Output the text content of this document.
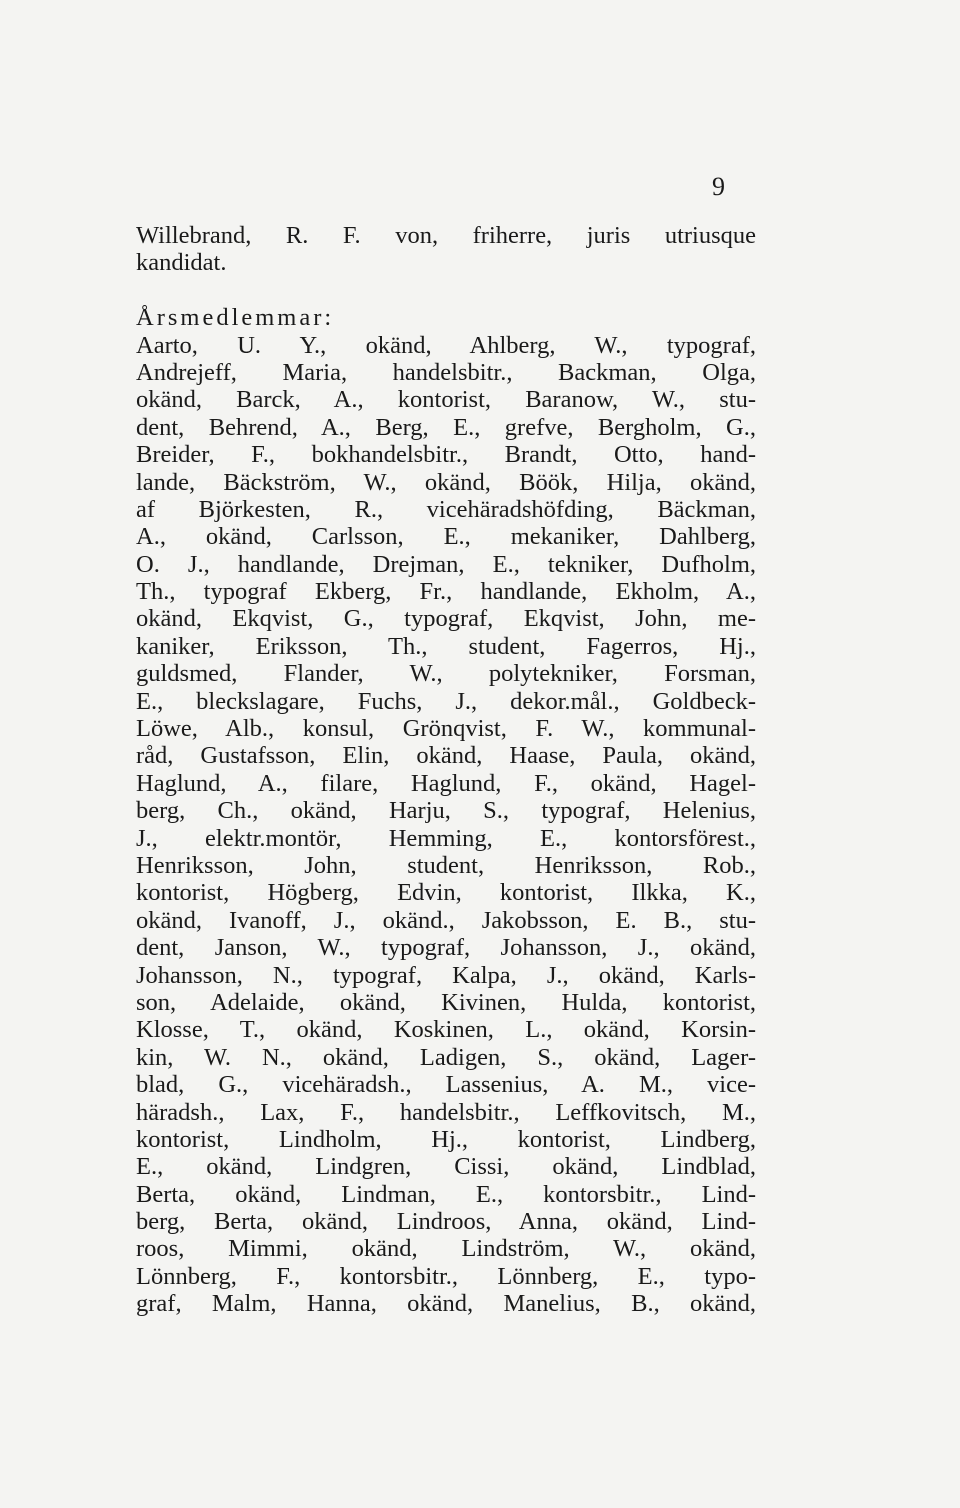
9
Willebrand, R. F. von, friherre, juris utriusque
kandidat.
Årsmedlemmar:
Aarto, U. Y., okänd, Ahlberg, W., typograf,
Andrejeff, Maria, handelsbitr., Backman, Olga,
okänd, Barck, A., kontorist, Baranow, W., stu-
dent, Behrend, A., Berg, E., grefve, Bergholm, G.,
Breider, F., bokhandelsbitr., Brandt, Otto, hand-
lande, Bäckström, W., okänd, Böök, Hilja, okänd,
af Björkesten, R., vicehäradshöfding, Bäckman,
A., okänd, Carlsson, E., mekaniker, Dahlberg,
O. J., handlande, Drejman, E., tekniker, Dufholm,
Th., typograf Ekberg, Fr., handlande, Ekholm, A.,
okänd, Ekqvist, G., typograf, Ekqvist, John, me-
kaniker, Eriksson, Th., student, Fagerros, Hj.,
guldsmed, Flander, W., polytekniker, Forsman,
E., bleckslagare, Fuchs, J., dekor.mål., Goldbeck-
Löwe, Alb., konsul, Grönqvist, F. W., kommunal-
råd, Gustafsson, Elin, okänd, Haase, Paula, okänd,
Haglund, A., filare, Haglund, F., okänd, Hagel-
berg, Ch., okänd, Harju, S., typograf, Helenius,
J., elektr.montör, Hemming, E., kontorsförest.,
Henriksson, John, student, Henriksson, Rob.,
kontorist, Högberg, Edvin, kontorist, Ilkka, K.,
okänd, Ivanoff, J., okänd., Jakobsson, E. B., stu-
dent, Janson, W., typograf, Johansson, J., okänd,
Johansson, N., typograf, Kalpa, J., okänd, Karls-
son, Adelaide, okänd, Kivinen, Hulda, kontorist,
Klosse, T., okänd, Koskinen, L., okänd, Korsin-
kin, W. N., okänd, Ladigen, S., okänd, Lager-
blad, G., vicehäradsh., Lassenius, A. M., vice-
häradsh., Lax, F., handelsbitr., Leffkovitsch, M.,
kontorist, Lindholm, Hj., kontorist, Lindberg,
E., okänd, Lindgren, Cissi, okänd, Lindblad,
Berta, okänd, Lindman, E., kontorsbitr., Lind-
berg, Berta, okänd, Lindroos, Anna, okänd, Lind-
roos, Mimmi, okänd, Lindström, W., okänd,
Lönnberg, F., kontorsbitr., Lönnberg, E., typo-
graf, Malm, Hanna, okänd, Manelius, B., okänd,
